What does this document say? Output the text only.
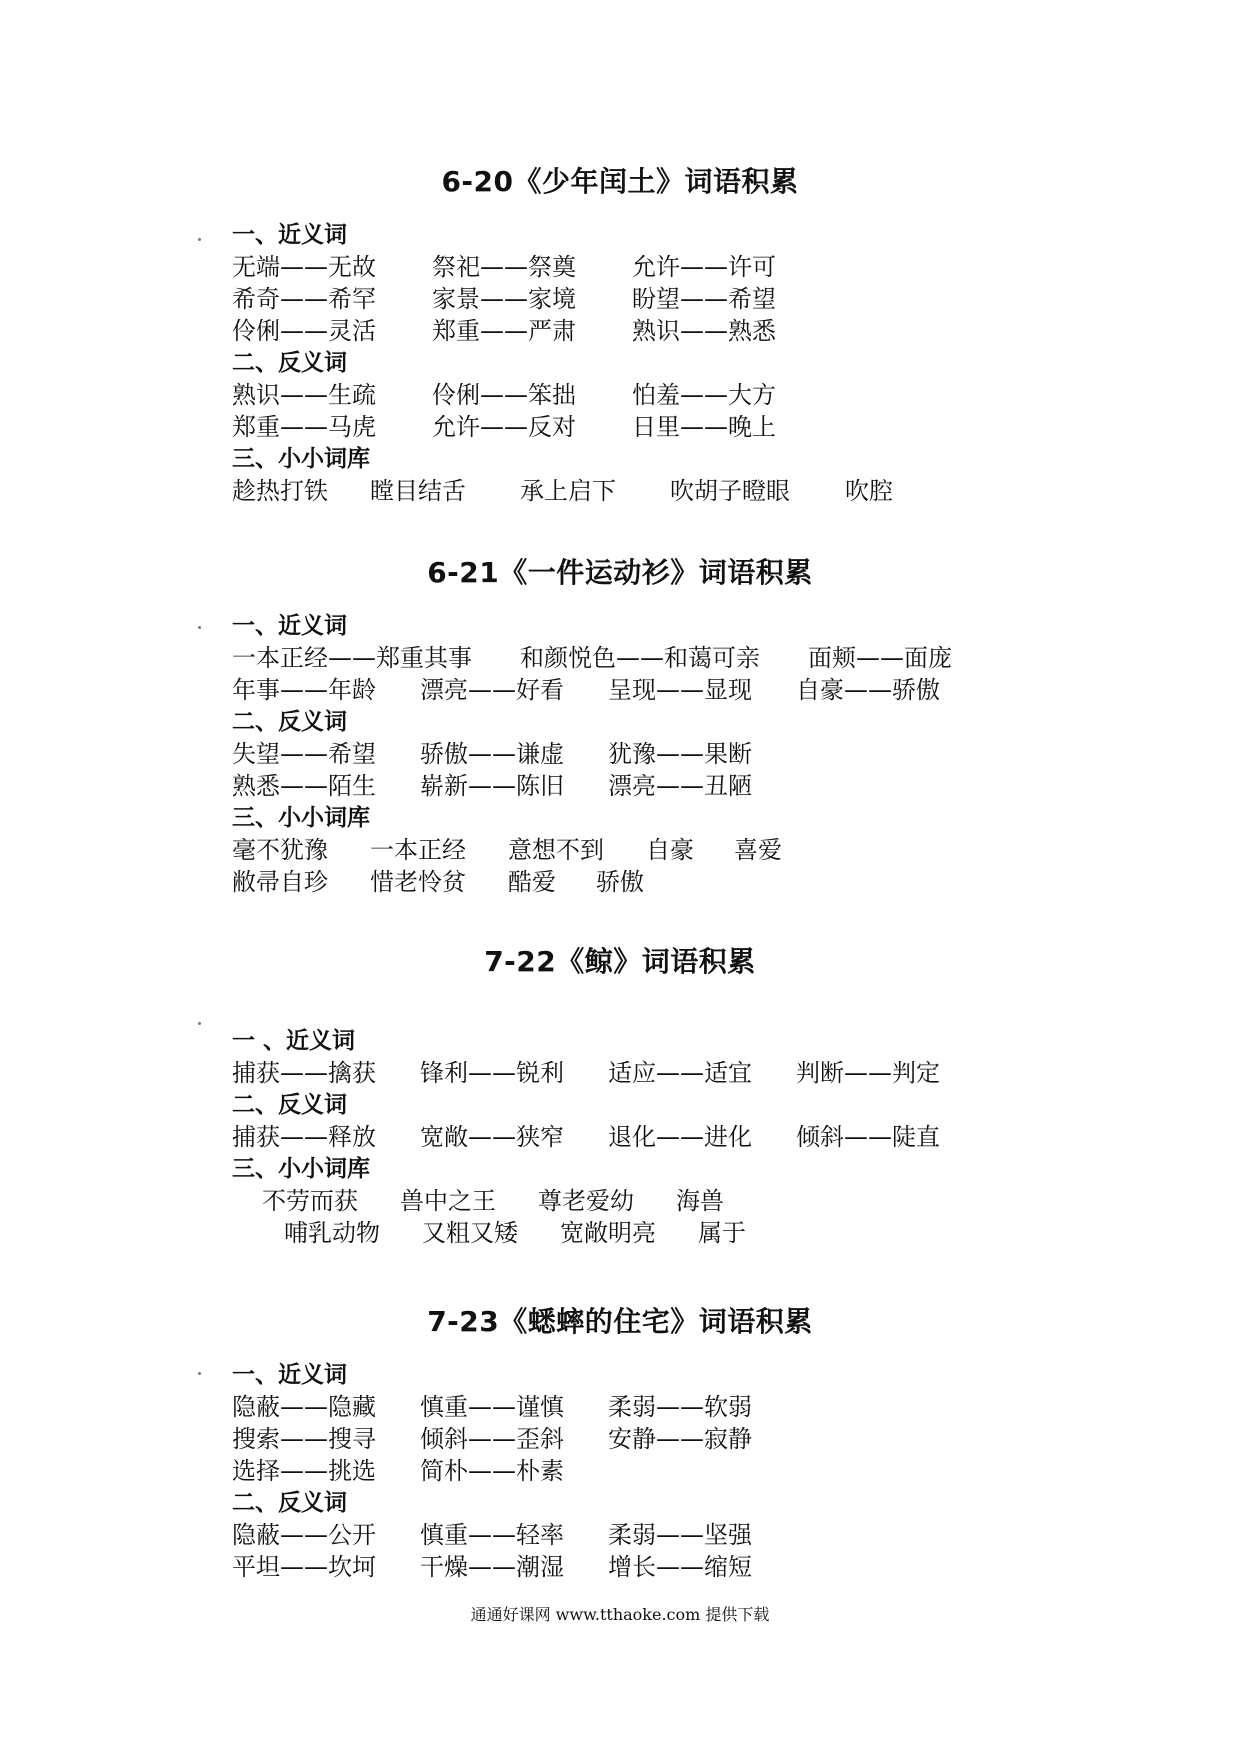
6-20《少年闰土》词语积累
一、近义词
无端——无故	祭祀——祭奠	允许——许可
希奇——希罕	家景——家境	盼望——希望
伶俐——灵活	郑重——严肃	熟识——熟悉
二、反义词
熟识——生疏	伶俐——笨拙	怕羞——大方
郑重——马虎	允许——反对	日里——晚上
三、小小词库
趁热打铁	瞠目结舌	承上启下	吹胡子瞪眼	吹腔
6-21《一件运动衫》词语积累
一、近义词
一本正经——郑重其事	和颜悦色——和蔼可亲	面颊——面庞
年事——年龄	漂亮——好看	呈现——显现	自豪——骄傲
二、反义词
失望——希望	骄傲——谦虚	犹豫——果断
熟悉——陌生	崭新——陈旧	漂亮——丑陋
三、小小词库
毫不犹豫	一本正经	意想不到	自豪	喜爱
敝帚自珍	惜老怜贫	酷爱	骄傲
7-22《鲸》词语积累
一 、近义词
捕获——擒获	锋利——锐利	适应——适宜	判断——判定
二、反义词
捕获——释放	宽敞——狭窄	退化——进化	倾斜——陡直
三、小小词库
不劳而获	兽中之王	尊老爱幼	海兽
哺乳动物	又粗又矮	宽敞明亮	属于
7-23《蟋蟀的住宅》词语积累
一、近义词
隐蔽——隐藏	慎重——谨慎	柔弱——软弱
搜索——搜寻	倾斜——歪斜	安静——寂静
选择——挑选	简朴——朴素
二、反义词
隐蔽——公开	慎重——轻率	柔弱——坚强
平坦——坎坷	干燥——潮湿	增长——缩短
通通好课网 www.tthaoke.com 提供下载
